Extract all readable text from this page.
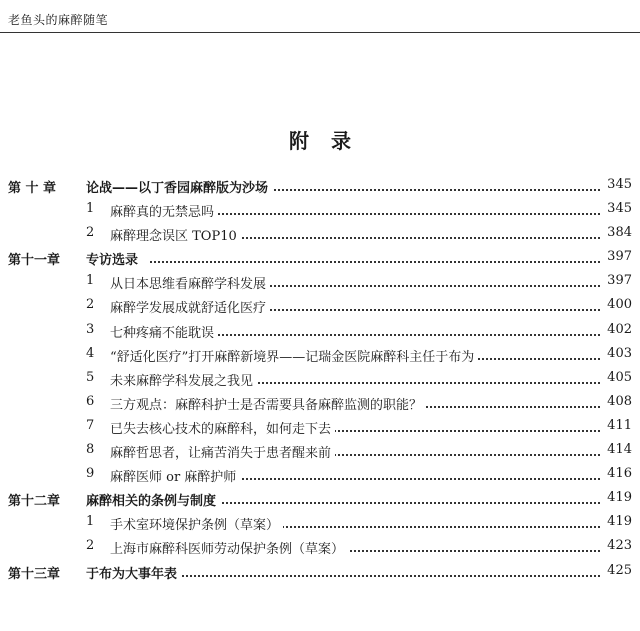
老鱼头的麻醉随笔
附录
第 十 章 论战——以丁香园麻醉版为沙场	345
1 麻醉真的无禁忌吗	345
2 麻醉理念误区 TOP10	384
第十一章 专访选录	397
1 从日本思维看麻醉学科发展	397
2 麻醉学发展成就舒适化医疗	400
3 七种疼痛不能耽误	402
4 “舒适化医疗”打开麻醉新境界——记瑞金医院麻醉科主任于布为	403
5 未来麻醉学科发展之我见	405
6 三方观点：麻醉科护士是否需要具备麻醉监测的职能？	408
7 已失去核心技术的麻醉科，如何走下去	411
8 麻醉哲思者，让痛苦消失于患者醒来前	414
9 麻醉医师 or 麻醉护师	416
第十二章 麻醉相关的条例与制度	419
1 手术室环境保护条例（草案）	419
2 上海市麻醉科医师劳动保护条例（草案）	423
第十三章 于布为大事年表	425
